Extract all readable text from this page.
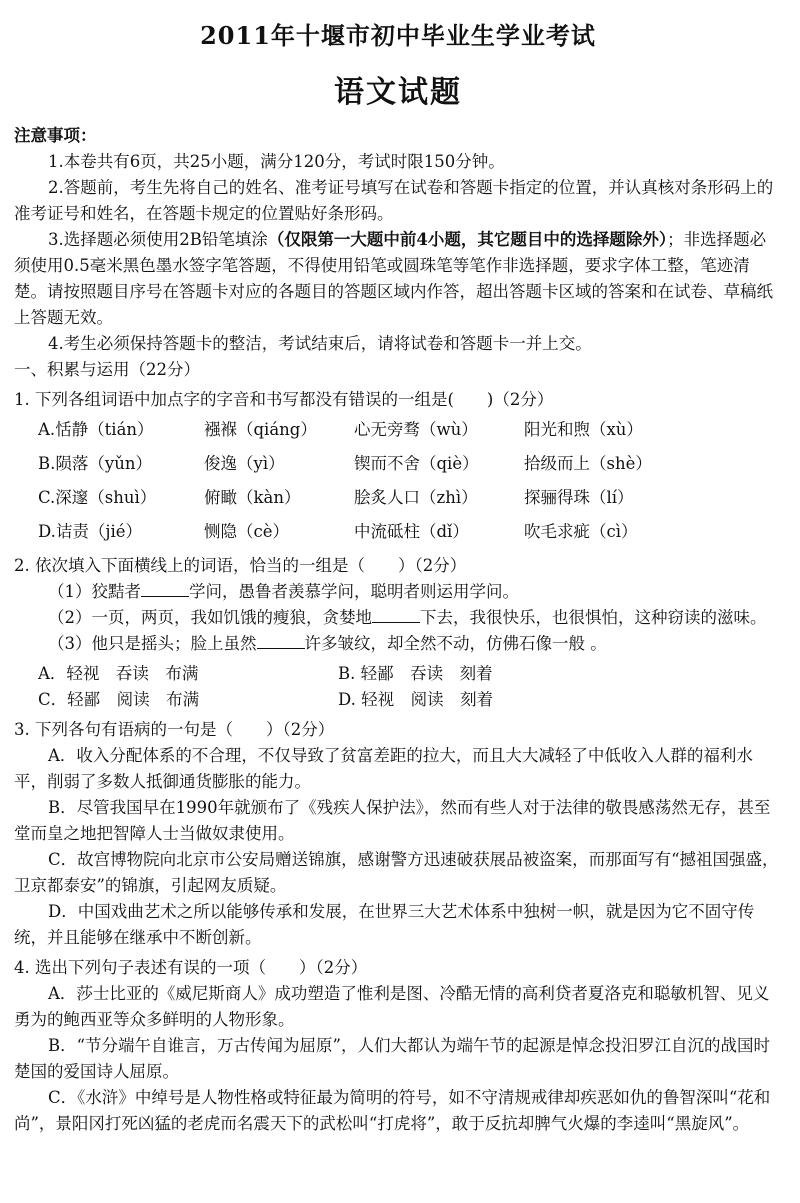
2011年十堰市初中毕业生学业考试
语文试题

注意事项：

1.本卷共有6页，共25小题，满分120分，考试时限150分钟。

2.答题前，考生先将自己的姓名、准考证号填写在试卷和答题卡指定的位置，并认真核对条形码上的准考证号和姓名，在答题卡规定的位置贴好条形码。

3.选择题必须使用2B铅笔填涂（仅限第一大题中前4小题，其它题目中的选择题除外）；非选择题必须使用0.5毫米黑色墨水签字笔答题，不得使用铅笔或圆珠笔等笔作非选择题，要求字体工整，笔迹清楚。请按照题目序号在答题卡对应的各题目的答题区域内作答，超出答题卡区域的答案和在试卷、草稿纸上答题无效。

4.考生必须保持答题卡的整洁，考试结束后，请将试卷和答题卡一并上交。

一、积累与运用（22分）

1. 下列各组词语中加点字的字音和书写都没有错误的一组是(　　)（2分）

A.恬静（tián）	襁褓（qiáng）	心无旁骛（wù）	阳光和煦（xù）
B.陨落（yǔn）	俊逸（yì）	锲而不舍（qiè）	拾级而上（shè）
C.深邃（shuì）	俯瞰（kàn）	脍炙人口（zhì）	探骊得珠（lí）
D.诘责（jié）	恻隐（cè）	中流砥柱（dǐ）	吹毛求疵（cì）

2. 依次填入下面横线上的词语，恰当的一组是（　　）（2分）

（1）狡黠者	学问，愚鲁者羡慕学问，聪明者则运用学问。

（2）一页，两页，我如饥饿的瘦狼，贪婪地	下去，我很快乐，也很惧怕，这种窃读的滋味。

（3）他只是摇头；脸上虽然	许多皱纹，却全然不动，仿佛石像一般 。

A．轻视　吞读　布满	B. 轻鄙　吞读　刻着
C．轻鄙　阅读　布满	D. 轻视　阅读　刻着

3. 下列各句有语病的一句是（　　）（2分）

A．收入分配体系的不合理，不仅导致了贫富差距的拉大，而且大大减轻了中低收入人群的福利水平，削弱了多数人抵御通货膨胀的能力。

B．尽管我国早在1990年就颁布了《残疾人保护法》，然而有些人对于法律的敬畏感荡然无存，甚至堂而皇之地把智障人士当做奴隶使用。

C．故宫博物院向北京市公安局赠送锦旗，感谢警方迅速破获展品被盗案，而那面写有“撼祖国强盛，卫京都泰安”的锦旗，引起网友质疑。

D．中国戏曲艺术之所以能够传承和发展，在世界三大艺术体系中独树一帜，就是因为它不固守传统，并且能够在继承中不断创新。

4. 选出下列句子表述有误的一项（　　）（2分）

A．莎士比亚的《威尼斯商人》成功塑造了惟利是图、冷酷无情的高利贷者夏洛克和聪敏机智、见义勇为的鲍西亚等众多鲜明的人物形象。

B．“节分端午自谁言，万古传闻为屈原”，人们大都认为端午节的起源是悼念投汨罗江自沉的战国时楚国的爱国诗人屈原。

C．《水浒》中绰号是人物性格或特征最为简明的符号，如不守清规戒律却疾恶如仇的鲁智深叫“花和尚”，景阳冈打死凶猛的老虎而名震天下的武松叫“打虎将”，敢于反抗却脾气火爆的李逵叫“黑旋风”。
